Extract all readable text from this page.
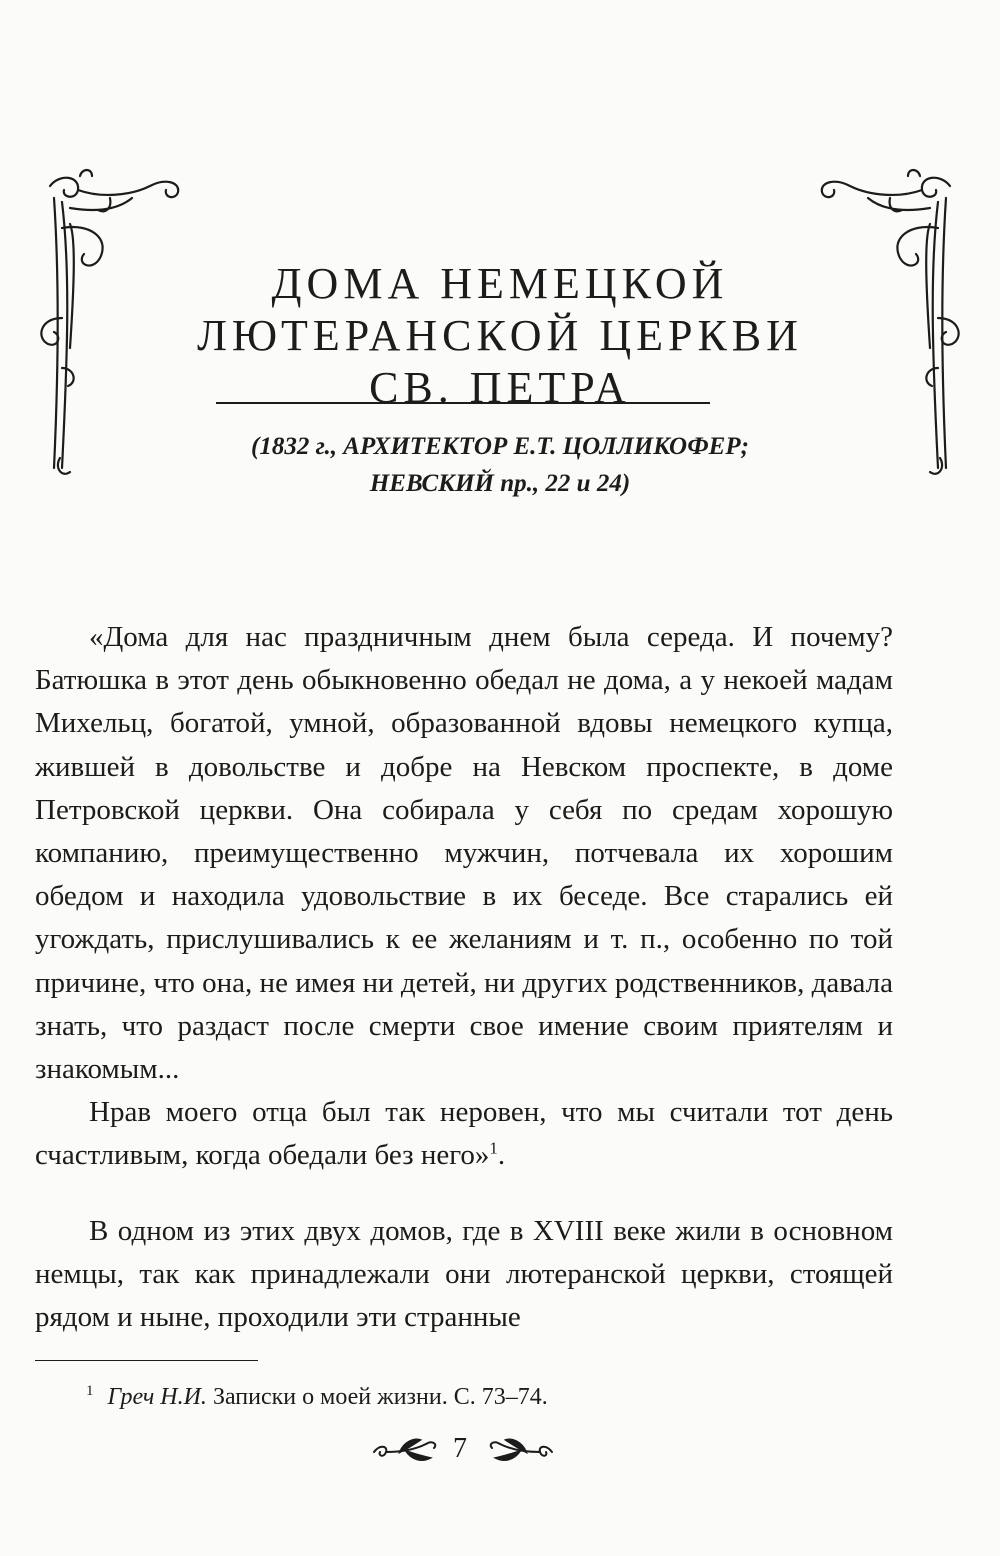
ДОМА НЕМЕЦКОЙ
ЛЮТЕРАНСКОЙ ЦЕРКВИ
СВ. ПЕТРА
(1832 г., АРХИТЕКТОР Е.Т. ЦОЛЛИКОФЕР;
НЕВСКИЙ пр., 22 и 24)

«Дома для нас праздничным днем была середа. И почему? Батюшка в этот день обыкновенно обедал не дома, а у некоей мадам Михельц, богатой, умной, образованной вдовы немецкого купца, жившей в довольстве и добре на Невском проспекте, в доме Петровской церкви. Она собирала у себя по средам хорошую компанию, преимущественно мужчин, потчевала их хорошим обедом и находила удовольствие в их беседе. Все старались ей угождать, прислушивались к ее желаниям и т. п., особенно по той причине, что она, не имея ни детей, ни других родственников, давала знать, что раздаст после смерти свое имение своим приятелям и знакомым...

Нрав моего отца был так неровен, что мы считали тот день счастливым, когда обедали без него»$^1$.

В одном из этих двух домов, где в XVIII веке жили в основном немцы, так как принадлежали они лютеранской церкви, стоящей рядом и ныне, проходили эти странные

$^1$ Греч Н.И. Записки о моей жизни. С. 73–74.
7
